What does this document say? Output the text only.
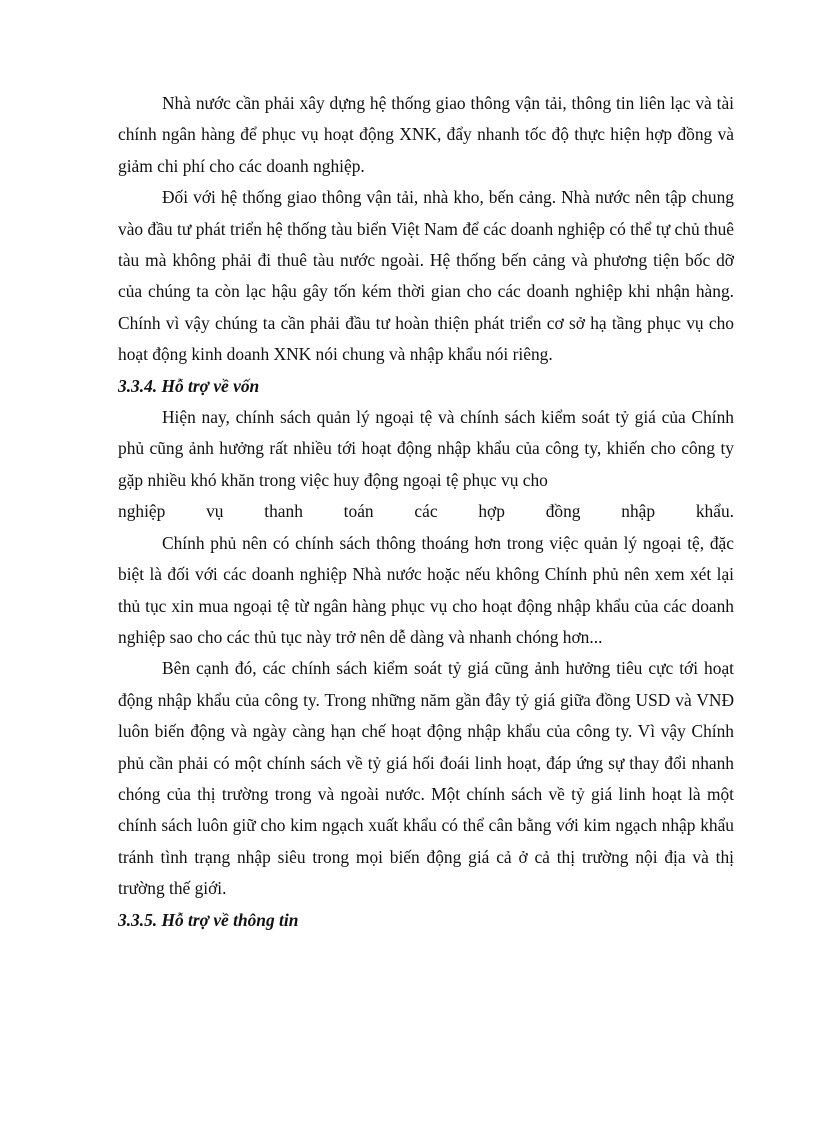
Nhà nước cần phải xây dựng hệ thống giao thông vận tải, thông tin liên lạc và tài chính ngân hàng để phục vụ hoạt động XNK, đẩy nhanh tốc độ thực hiện hợp đồng và giảm chi phí cho các doanh nghiệp.

Đối với hệ thống giao thông vận tải, nhà kho, bến cảng. Nhà nước nên tập chung vào đầu tư phát triển hệ thống tàu biển Việt Nam để các doanh nghiệp có thể tự chủ thuê tàu mà không phải đi thuê tàu nước ngoài. Hệ thống bến cảng và phương tiện bốc dỡ của chúng ta còn lạc hậu gây tốn kém thời gian cho các doanh nghiệp khi nhận hàng. Chính vì vậy chúng ta cần phải đầu tư hoàn thiện phát triển cơ sở hạ tầng phục vụ cho hoạt động kinh doanh XNK nói chung và nhập khẩu nói riêng.

3.3.4. Hỗ trợ về vốn

Hiện nay, chính sách quản lý ngoại tệ và chính sách kiểm soát tỷ giá của Chính phủ cũng ảnh hưởng rất nhiều tới hoạt động nhập khẩu của công ty, khiến cho công ty gặp nhiều khó khăn trong việc huy động ngoại tệ phục vụ cho
nghiệp vụ thanh toán các hợp đồng nhập khẩu.

Chính phủ nên có chính sách thông thoáng hơn trong việc quản lý ngoại tệ, đặc biệt là đối với các doanh nghiệp Nhà nước hoặc nếu không Chính phủ nên xem xét lại thủ tục xin mua ngoại tệ từ ngân hàng phục vụ cho hoạt động nhập khẩu của các doanh nghiệp sao cho các thủ tục này trở nên dễ dàng và nhanh chóng hơn...

Bên cạnh đó, các chính sách kiểm soát tỷ giá cũng ảnh hưởng tiêu cực tới hoạt động nhập khẩu của công ty. Trong những năm gần đây tỷ giá giữa đồng USD và VNĐ luôn biến động và ngày càng hạn chế hoạt động nhập khẩu của công ty. Vì vậy Chính phủ cần phải có một chính sách về tỷ giá hối đoái linh hoạt, đáp ứng sự thay đổi nhanh chóng của thị trường trong và ngoài nước. Một chính sách về tỷ giá linh hoạt là một chính sách luôn giữ cho kim ngạch xuất khẩu có thể cân bằng với kim ngạch nhập khẩu tránh tình trạng nhập siêu trong mọi biến động giá cả ở cả thị trường nội địa và thị trường thế giới.

3.3.5. Hỗ trợ về thông tin
